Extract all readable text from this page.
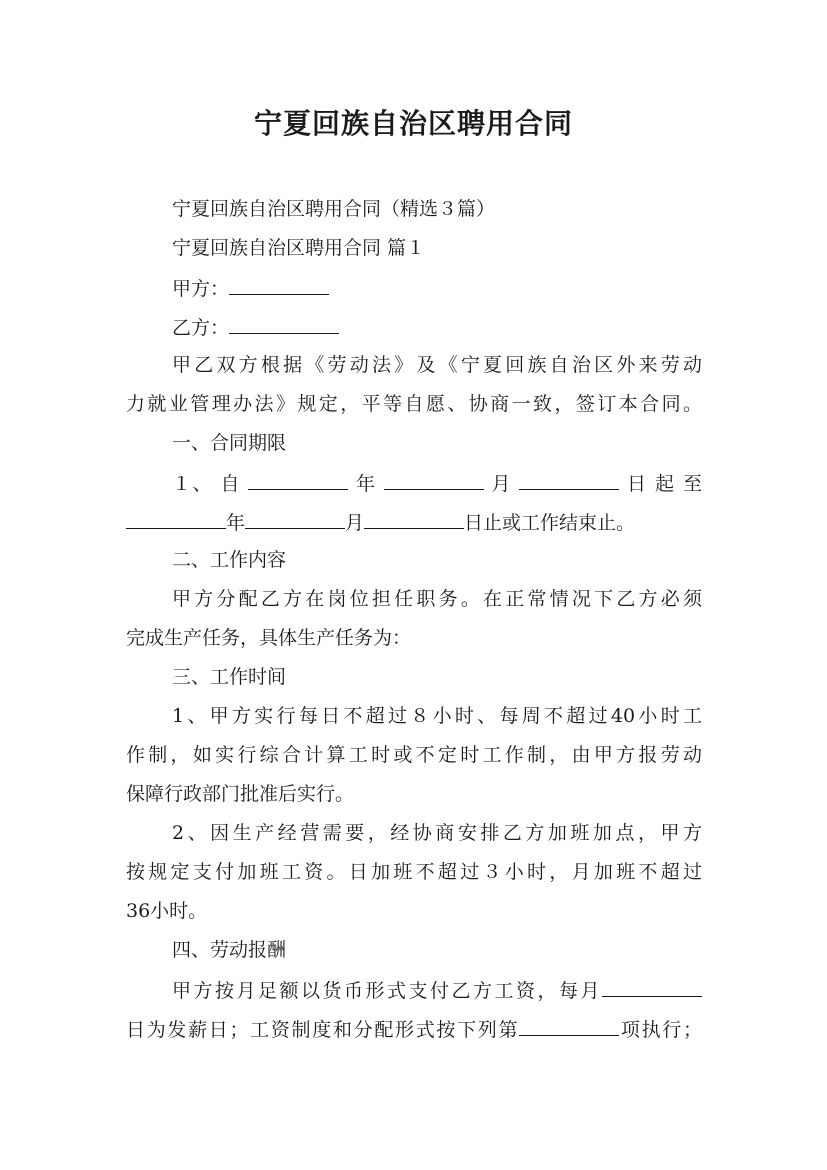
宁夏回族自治区聘用合同
宁夏回族自治区聘用合同（精选３篇）
宁夏回族自治区聘用合同 篇１
甲方：
乙方：
甲乙双方根据《劳动法》及《宁夏回族自治区外来劳动
力就业管理办法》规定，平等自愿、协商一致，签订本合同。
一、合同期限
１、 自	年	月	日 起 至
年	月	日止或工作结束止。
二、工作内容
甲方分配乙方在岗位担任职务。在正常情况下乙方必须
完成生产任务，具体生产任务为：
三、工作时间
1、甲方实行每日不超过８小时、每周不超过40小时工
作制，如实行综合计算工时或不定时工作制，由甲方报劳动
保障行政部门批准后实行。
2、因生产经营需要，经协商安排乙方加班加点，甲方
按规定支付加班工资。日加班不超过３小时，月加班不超过
36小时。
四、劳动报酬
甲方按月足额以货币形式支付乙方工资，每月
日为发薪日；工资制度和分配形式按下列第	项执行；
